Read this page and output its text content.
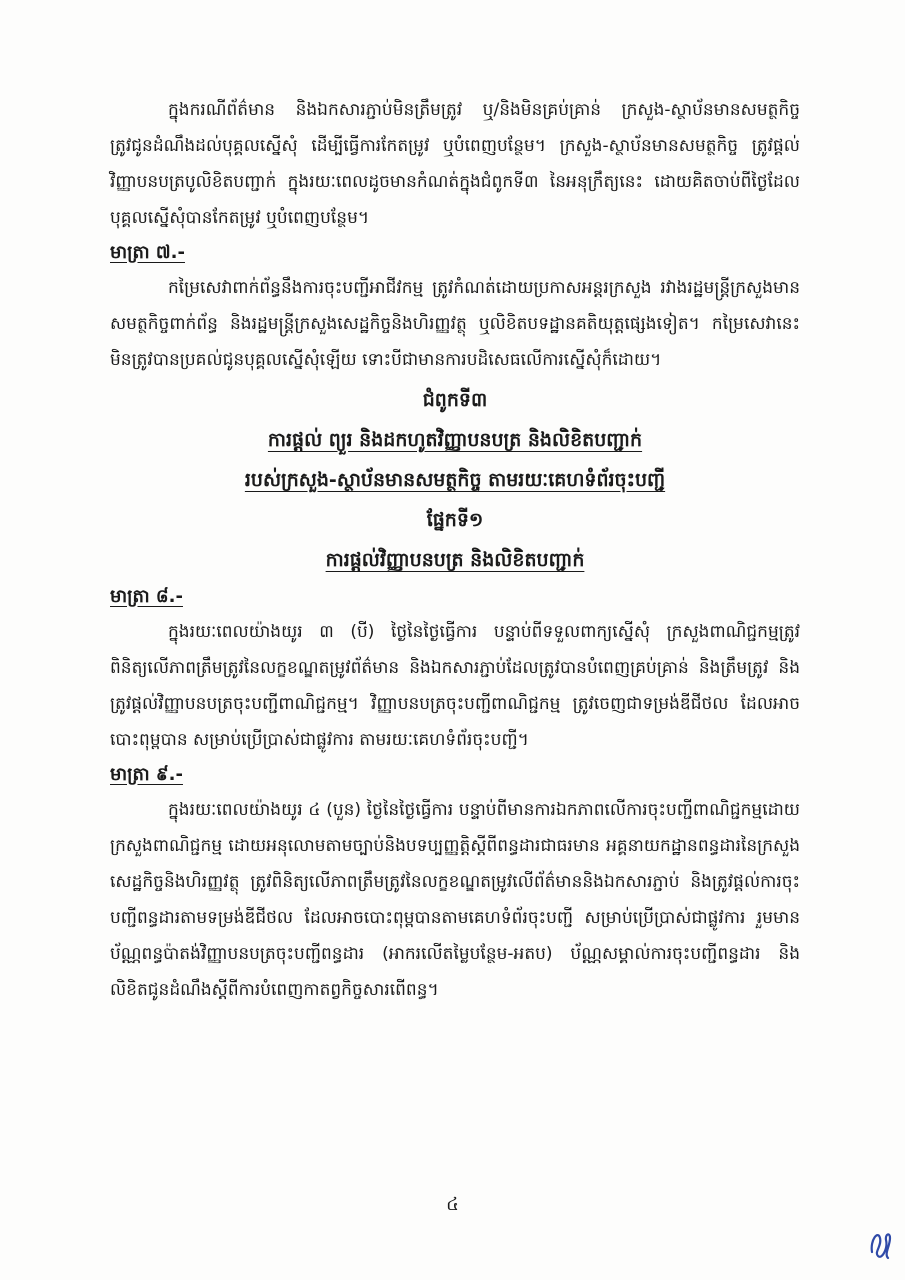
ក្នុងករណីព័ត៌មាន និងឯកសារភ្ជាប់មិនត្រឹមត្រូវ ឬ/និងមិនគ្រប់គ្រាន់ ក្រសួង-ស្ថាប័នមានសមត្ថកិច្ច ត្រូវជូនដំណឹងដល់បុគ្គលស្នើសុំ ដើម្បីធ្វើការកែតម្រូវ ឬបំពេញបន្ថែម។ ក្រសួង-ស្ថាប័នមានសមត្ថកិច្ច ត្រូវផ្តល់វិញ្ញាបនបត្របូលិខិតបញ្ជាក់ ក្នុងរយៈពេលដូចមានកំណត់ក្នុងជំពូកទី៣ នៃអនុក្រឹត្យនេះ ដោយគិតចាប់ពីថ្ងៃដែលបុគ្គលស្នើសុំបានកែតម្រូវ ឬបំពេញបន្ថែម។

មាត្រា ៧.-

កម្រៃសេវាពាក់ព័ន្ធនឹងការចុះបញ្ជីអាជីវកម្ម ត្រូវកំណត់ដោយប្រកាសអន្តរក្រសួង រវាងរដ្ឋមន្ត្រីក្រសួងមានសមត្ថកិច្ចពាក់ព័ន្ធ និងរដ្ឋមន្ត្រីក្រសួងសេដ្ឋកិច្ចនិងហិរញ្ញវត្ថុ ឬលិខិតបទដ្ឋានគតិយុត្តផ្សេងទៀត។ កម្រៃសេវានេះ មិនត្រូវបានប្រគល់ជូនបុគ្គលស្នើសុំឡើយ ទោះបីជាមានការបដិសេធលើការស្នើសុំក៏ដោយ។

ជំពូកទី៣
ការផ្តល់ ព្យួរ និងដកហូតវិញ្ញាបនបត្រ និងលិខិតបញ្ជាក់
របស់ក្រសួង-ស្ថាប័នមានសមត្ថកិច្ច តាមរយៈគេហទំព័រចុះបញ្ជី
ផ្នែកទី១
ការផ្តល់វិញ្ញាបនបត្រ និងលិខិតបញ្ជាក់

មាត្រា ៨.-

ក្នុងរយៈពេលយ៉ាងយូរ ៣ (បី) ថ្ងៃនៃថ្ងៃធ្វើការ បន្ទាប់ពីទទួលពាក្យស្នើសុំ ក្រសួងពាណិជ្ជកម្មត្រូវពិនិត្យលើភាពត្រឹមត្រូវនៃលក្ខខណ្ឌតម្រូវព័ត៌មាន និងឯកសារភ្ជាប់ដែលត្រូវបានបំពេញគ្រប់គ្រាន់ និងត្រឹមត្រូវ និងត្រូវផ្តល់វិញ្ញាបនបត្រចុះបញ្ជីពាណិជ្ជកម្ម។ វិញ្ញាបនបត្រចុះបញ្ជីពាណិជ្ជកម្ម ត្រូវចេញជាទម្រង់ឌីជីថល ដែលអាចបោះពុម្ពបាន សម្រាប់ប្រើប្រាស់ជាផ្លូវការ តាមរយៈគេហទំព័រចុះបញ្ជី។

មាត្រា ៩.-

ក្នុងរយៈពេលយ៉ាងយូរ ៤ (បួន) ថ្ងៃនៃថ្ងៃធ្វើការ បន្ទាប់ពីមានការឯកភាពលើការចុះបញ្ជីពាណិជ្ជកម្មដោយក្រសួងពាណិជ្ជកម្ម ដោយអនុលោមតាមច្បាប់និងបទប្បញ្ញត្តិស្តីពីពន្ធដារជាធរមាន អគ្គនាយកដ្ឋានពន្ធដារនៃក្រសួងសេដ្ឋកិច្ចនិងហិរញ្ញវត្ថុ ត្រូវពិនិត្យលើភាពត្រឹមត្រូវនៃលក្ខខណ្ឌតម្រូវលើព័ត៌មាននិងឯកសារភ្ជាប់ និងត្រូវផ្តល់ការចុះបញ្ជីពន្ធដារតាមទម្រង់ឌីជីថល ដែលអាចបោះពុម្ពបានតាមគេហទំព័រចុះបញ្ជី សម្រាប់ប្រើប្រាស់ជាផ្លូវការ រួមមាន ប័ណ្ណពន្ធប៉ាតង់វិញ្ញាបនបត្រចុះបញ្ជីពន្ធដារ (អាករលើតម្លៃបន្ថែម-អតប) ប័ណ្ណសម្គាល់ការចុះបញ្ជីពន្ធដារ និងលិខិតជូនដំណឹងស្តីពីការបំពេញកាតព្វកិច្ចសារពើពន្ធ។

៤
